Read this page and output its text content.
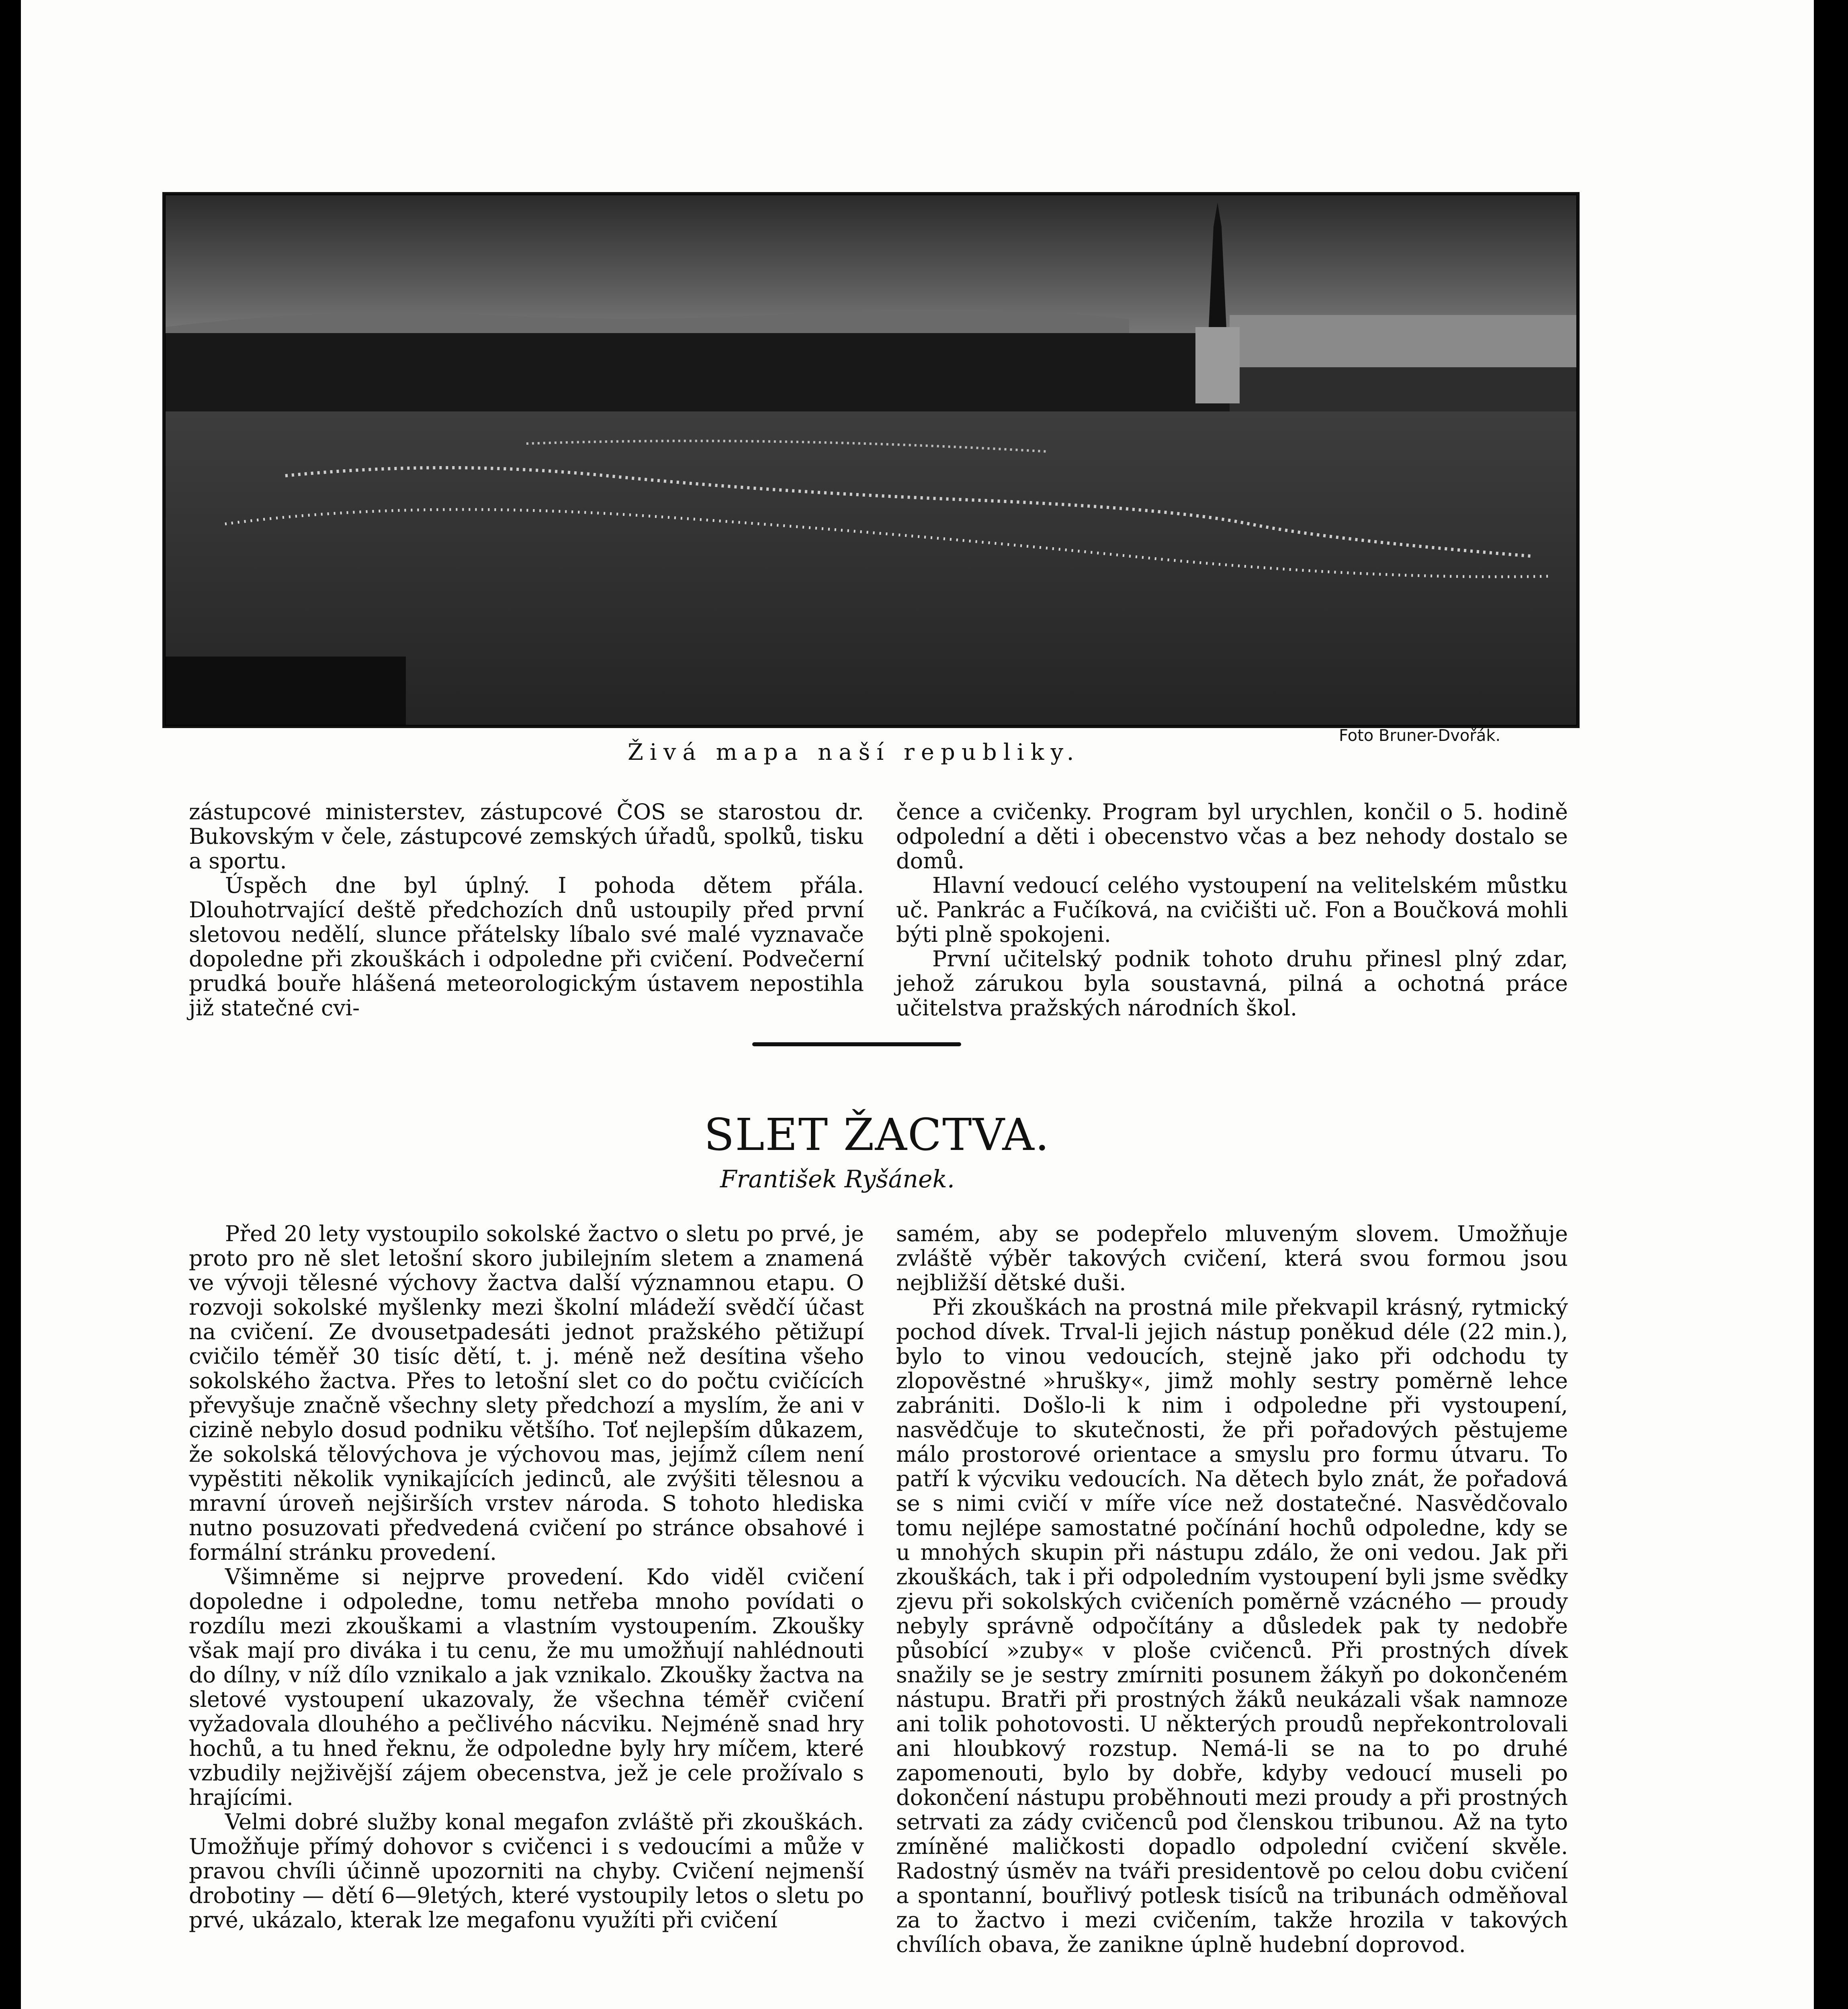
Živá mapa naší republiky.
Foto Bruner-Dvořák.

zástupcové ministerstev, zástupcové ČOS se starostou dr. Bukovským v čele, zástupcové zemských úřadů, spolků, tisku a sportu.

Úspěch dne byl úplný. I pohoda dětem přála. Dlouhotrvající deště předchozích dnů ustoupily před první sletovou nedělí, slunce přátelsky líbalo své malé vyznavače dopoledne při zkouškách i odpoledne při cvičení. Podvečerní prudká bouře hlášená meteorologickým ústavem nepostihla již statečné cvi-

čence a cvičenky. Program byl urychlen, končil o 5. hodině odpolední a děti i obecenstvo včas a bez nehody dostalo se domů.

Hlavní vedoucí celého vystoupení na velitelském můstku uč. Pankrác a Fučíková, na cvičišti uč. Fon a Boučková mohli býti plně spokojeni.

První učitelský podnik tohoto druhu přinesl plný zdar, jehož zárukou byla soustavná, pilná a ochotná práce učitelstva pražských národních škol.

SLET ŽACTVA.
František Ryšánek.

Před 20 lety vystoupilo sokolské žactvo o sletu po prvé, je proto pro ně slet letošní skoro jubilejním sletem a znamená ve vývoji tělesné výchovy žactva další významnou etapu. O rozvoji sokolské myšlenky mezi školní mládeží svědčí účast na cvičení. Ze dvousetpadesáti jednot pražského pětižupí cvičilo téměř 30 tisíc dětí, t. j. méně než desítina všeho sokolského žactva. Přes to letošní slet co do počtu cvičících převyšuje značně všechny slety předchozí a myslím, že ani v cizině nebylo dosud podniku většího. Toť nejlepším důkazem, že sokolská tělovýchova je výchovou mas, jejímž cílem není vypěstiti několik vynikajících jedinců, ale zvýšiti tělesnou a mravní úroveň nejširších vrstev národa. S tohoto hlediska nutno posuzovati předvedená cvičení po stránce obsahové i formální stránku provedení.

Všimněme si nejprve provedení. Kdo viděl cvičení dopoledne i odpoledne, tomu netřeba mnoho povídati o rozdílu mezi zkouškami a vlastním vystoupením. Zkoušky však mají pro diváka i tu cenu, že mu umožňují nahlédnouti do dílny, v níž dílo vznikalo a jak vznikalo. Zkoušky žactva na sletové vystoupení ukazovaly, že všechna téměř cvičení vyžadovala dlouhého a pečlivého nácviku. Nejméně snad hry hochů, a tu hned řeknu, že odpoledne byly hry míčem, které vzbudily nejživější zájem obecenstva, jež je cele prožívalo s hrajícími.

Velmi dobré služby konal megafon zvláště při zkouškách. Umožňuje přímý dohovor s cvičenci i s vedoucími a může v pravou chvíli účinně upozorniti na chyby. Cvičení nejmenší drobotiny — dětí 6—9letých, které vystoupily letos o sletu po prvé, ukázalo, kterak lze megafonu využíti při cvičení

samém, aby se podepřelo mluveným slovem. Umožňuje zvláště výběr takových cvičení, která svou formou jsou nejbližší dětské duši.

Při zkouškách na prostná mile překvapil krásný, rytmický pochod dívek. Trval-li jejich nástup poněkud déle (22 min.), bylo to vinou vedoucích, stejně jako při odchodu ty zlopověstné »hrušky«, jimž mohly sestry poměrně lehce zabrániti. Došlo-li k nim i odpoledne při vystoupení, nasvědčuje to skutečnosti, že při pořadových pěstujeme málo prostorové orientace a smyslu pro formu útvaru. To patří k výcviku vedoucích. Na dětech bylo znát, že pořadová se s nimi cvičí v míře více než dostatečné. Nasvědčovalo tomu nejlépe samostatné počínání hochů odpoledne, kdy se u mnohých skupin při nástupu zdálo, že oni vedou. Jak při zkouškách, tak i při odpoledním vystoupení byli jsme svědky zjevu při sokolských cvičeních poměrně vzácného — proudy nebyly správně odpočítány a důsledek pak ty nedobře působící »zuby« v ploše cvičenců. Při prostných dívek snažily se je sestry zmírniti posunem žákyň po dokončeném nástupu. Bratři při prostných žáků neukázali však namnoze ani tolik pohotovosti. U některých proudů nepřekontrolovali ani hloubkový rozstup. Nemá-li se na to po druhé zapomenouti, bylo by dobře, kdyby vedoucí museli po dokončení nástupu proběhnouti mezi proudy a při prostných setrvati za zády cvičenců pod členskou tribunou. Až na tyto zmíněné maličkosti dopadlo odpolední cvičení skvěle. Radostný úsměv na tváři presidentově po celou dobu cvičení a spontanní, bouřlivý potlesk tisíců na tribunách odměňoval za to žactvo i mezi cvičením, takže hrozila v takových chvílích obava, že zanikne úplně hudební doprovod.
